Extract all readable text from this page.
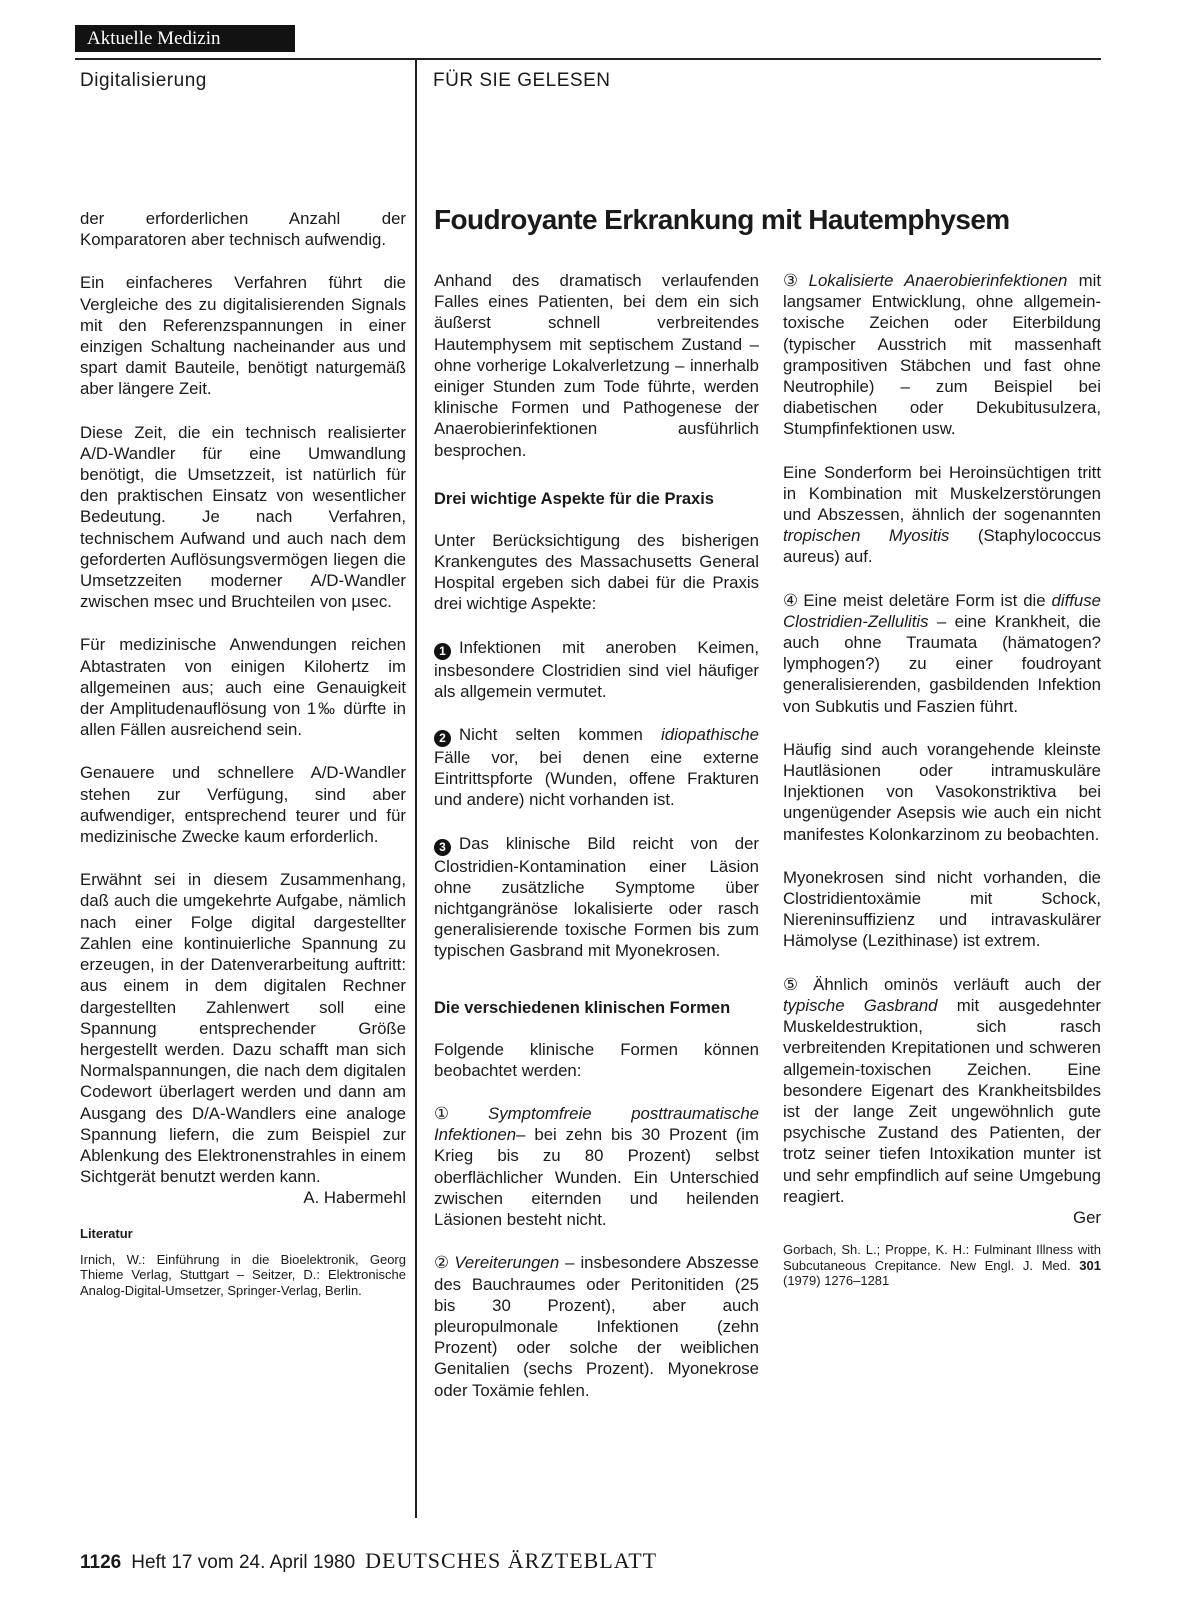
Aktuelle Medizin
Digitalisierung	FÜR SIE GELESEN

der erforderlichen Anzahl der Komparatoren aber technisch aufwendig.

Ein einfacheres Verfahren führt die Vergleiche des zu digitalisierenden Signals mit den Referenzspannungen in einer einzigen Schaltung nacheinander aus und spart damit Bauteile, benötigt naturgemäß aber längere Zeit.

Diese Zeit, die ein technisch realisierter A/D-Wandler für eine Umwandlung benötigt, die Umsetzzeit, ist natürlich für den praktischen Einsatz von wesentlicher Bedeutung. Je nach Verfahren, technischem Aufwand und auch nach dem geforderten Auflösungsvermögen liegen die Umsetzzeiten moderner A/D-Wandler zwischen msec und Bruchteilen von µsec.

Für medizinische Anwendungen reichen Abtastraten von einigen Kilohertz im allgemeinen aus; auch eine Genauigkeit der Amplitudenauflösung von 1‰ dürfte in allen Fällen ausreichend sein.

Genauere und schnellere A/D-Wandler stehen zur Verfügung, sind aber aufwendiger, entsprechend teurer und für medizinische Zwecke kaum erforderlich.

Erwähnt sei in diesem Zusammenhang, daß auch die umgekehrte Aufgabe, nämlich nach einer Folge digital dargestellter Zahlen eine kontinuierliche Spannung zu erzeugen, in der Datenverarbeitung auftritt: aus einem in dem digitalen Rechner dargestellten Zahlenwert soll eine Spannung entsprechender Größe hergestellt werden. Dazu schafft man sich Normalspannungen, die nach dem digitalen Codewort überlagert werden und dann am Ausgang des D/A-Wandlers eine analoge Spannung liefern, die zum Beispiel zur Ablenkung des Elektronenstrahles in einem Sichtgerät benutzt werden kann.

A. Habermehl
Literatur

Irnich, W.: Einführung in die Bioelektronik, Georg Thieme Verlag, Stuttgart – Seitzer, D.: Elektronische Analog-Digital-Umsetzer, Springer-Verlag, Berlin.

Foudroyante Erkrankung mit Hautemphysem

Anhand des dramatisch verlaufenden Falles eines Patienten, bei dem ein sich äußerst schnell verbreitendes Hautemphysem mit septischem Zustand – ohne vorherige Lokalverletzung – innerhalb einiger Stunden zum Tode führte, werden klinische Formen und Pathogenese der Anaerobierinfektionen ausführlich besprochen.

Drei wichtige Aspekte für die Praxis

Unter Berücksichtigung des bisherigen Krankengutes des Massachusetts General Hospital ergeben sich dabei für die Praxis drei wichtige Aspekte:

1 Infektionen mit aneroben Keimen, insbesondere Clostridien sind viel häufiger als allgemein vermutet.

2 Nicht selten kommen idiopathische Fälle vor, bei denen eine externe Eintrittspforte (Wunden, offene Frakturen und andere) nicht vorhanden ist.

3 Das klinische Bild reicht von der Clostridien-Kontamination einer Läsion ohne zusätzliche Symptome über nichtgangränöse lokalisierte oder rasch generalisierende toxische Formen bis zum typischen Gasbrand mit Myonekrosen.

Die verschiedenen klinischen Formen

Folgende klinische Formen können beobachtet werden:

① Symptomfreie posttraumatische Infektionen– bei zehn bis 30 Prozent (im Krieg bis zu 80 Prozent) selbst oberflächlicher Wunden. Ein Unterschied zwischen eiternden und heilenden Läsionen besteht nicht.

② Vereiterungen – insbesondere Abszesse des Bauchraumes oder Peritonitiden (25 bis 30 Prozent), aber auch pleuropulmonale Infektionen (zehn Prozent) oder solche der weiblichen Genitalien (sechs Prozent). Myonekrose oder Toxämie fehlen.

③ Lokalisierte Anaerobierinfektionen mit langsamer Entwicklung, ohne allgemein-toxische Zeichen oder Eiterbildung (typischer Ausstrich mit massenhaft grampositiven Stäbchen und fast ohne Neutrophile) – zum Beispiel bei diabetischen oder Dekubitusulzera, Stumpfinfektionen usw.

Eine Sonderform bei Heroinsüchtigen tritt in Kombination mit Muskelzerstörungen und Abszessen, ähnlich der sogenannten tropischen Myositis (Staphylococcus aureus) auf.

④ Eine meist deletäre Form ist die diffuse Clostridien-Zellulitis – eine Krankheit, die auch ohne Traumata (hämatogen? lymphogen?) zu einer foudroyant generalisierenden, gasbildenden Infektion von Subkutis und Faszien führt.

Häufig sind auch vorangehende kleinste Hautläsionen oder intramuskuläre Injektionen von Vasokonstriktiva bei ungenügender Asepsis wie auch ein nicht manifestes Kolonkarzinom zu beobachten.

Myonekrosen sind nicht vorhanden, die Clostridientoxämie mit Schock, Niereninsuffizienz und intravaskulärer Hämolyse (Lezithinase) ist extrem.

⑤ Ähnlich ominös verläuft auch der typische Gasbrand mit ausgedehnter Muskeldestruktion, sich rasch verbreitenden Krepitationen und schweren allgemein-toxischen Zeichen. Eine besondere Eigenart des Krankheitsbildes ist der lange Zeit ungewöhnlich gute psychische Zustand des Patienten, der trotz seiner tiefen Intoxikation munter ist und sehr empfindlich auf seine Umgebung reagiert.

Ger

Gorbach, Sh. L.; Proppe, K. H.: Fulminant Illness with Subcutaneous Crepitance. New Engl. J. Med. 301 (1979) 1276–1281

1126 Heft 17 vom 24. April 1980 DEUTSCHES ÄRZTEBLATT
